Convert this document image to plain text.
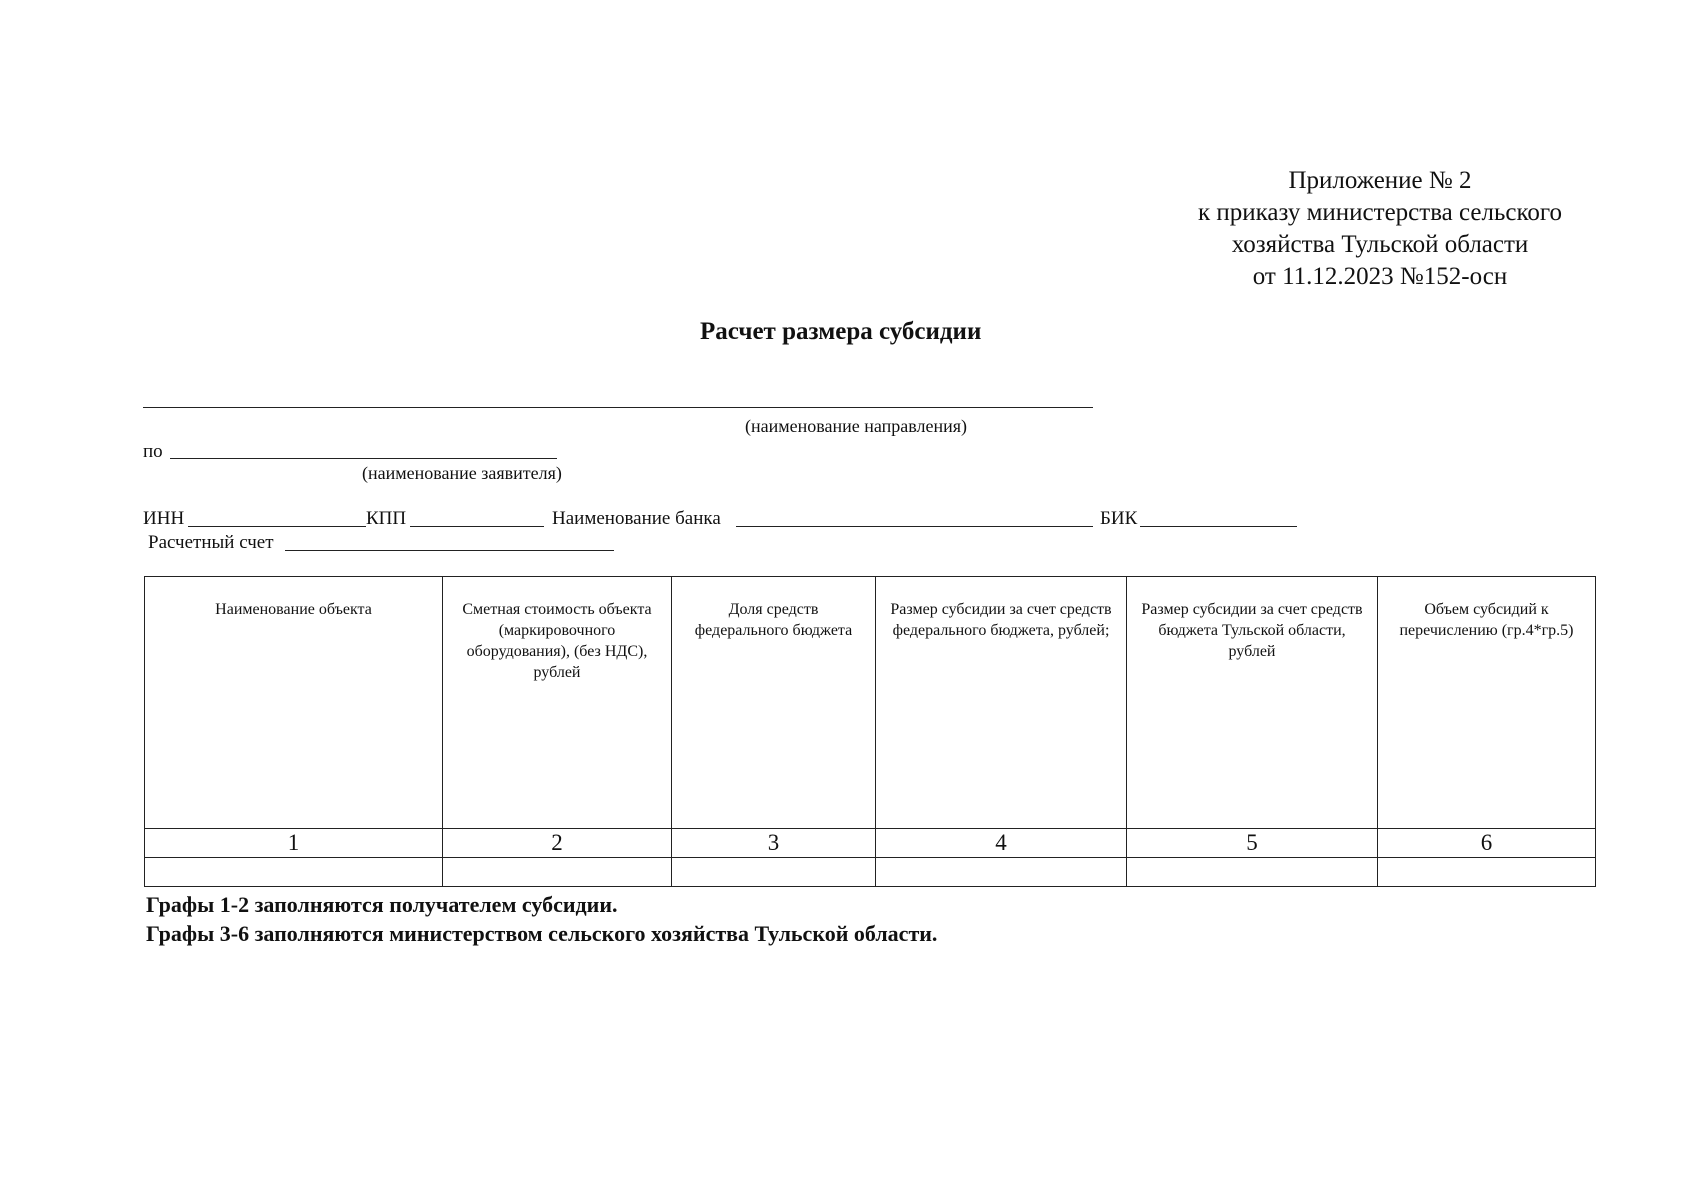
Приложение № 2
к приказу министерства сельского
хозяйства Тульской области
от 11.12.2023 №152-осн
Расчет размера субсидии
(наименование направления)
по
(наименование заявителя)
ИНН	КПП	Наименование банка	БИК
Расчетный счет
Наименование объекта	Сметная стоимость объекта (маркировочного оборудования), (без НДС), рублей	Доля средств федерального бюджета	Размер субсидии за счет средств федерального бюджета, рублей;	Размер субсидии за счет средств бюджета Тульской области, рублей	Объем субсидий к перечислению (гр.4*гр.5)
1	2	3	4	5	6

Графы 1-2 заполняются получателем субсидии.
Графы 3-6 заполняются министерством сельского хозяйства Тульской области.
